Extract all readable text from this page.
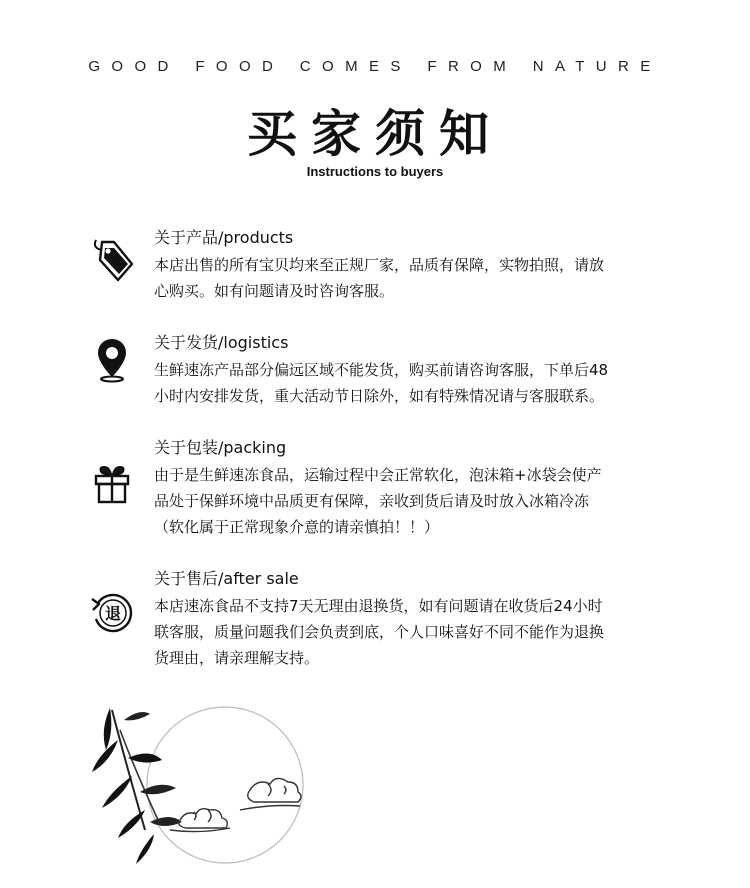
GOOD FOOD COMES FROM NATURE
买家须知
Instructions to buyers
关于产品/products

本店出售的所有宝贝均来至正规厂家，品质有保障，实物拍照，请放

心购买。如有问题请及时咨询客服。

关于发货/logistics

生鲜速冻产品部分偏远区域不能发货，购买前请咨询客服，下单后48

小时内安排发货，重大活动节日除外，如有特殊情况请与客服联系。

关于包装/packing

由于是生鲜速冻食品，运输过程中会正常软化，泡沫箱+冰袋会使产

品处于保鲜环境中品质更有保障，亲收到货后请及时放入冰箱冷冻

（软化属于正常现象介意的请亲慎拍！！）

退
关于售后/after sale

本店速冻食品不支持7天无理由退换货，如有问题请在收货后24小时

联客服，质量问题我们会负责到底，个人口味喜好不同不能作为退换

货理由，请亲理解支持。
